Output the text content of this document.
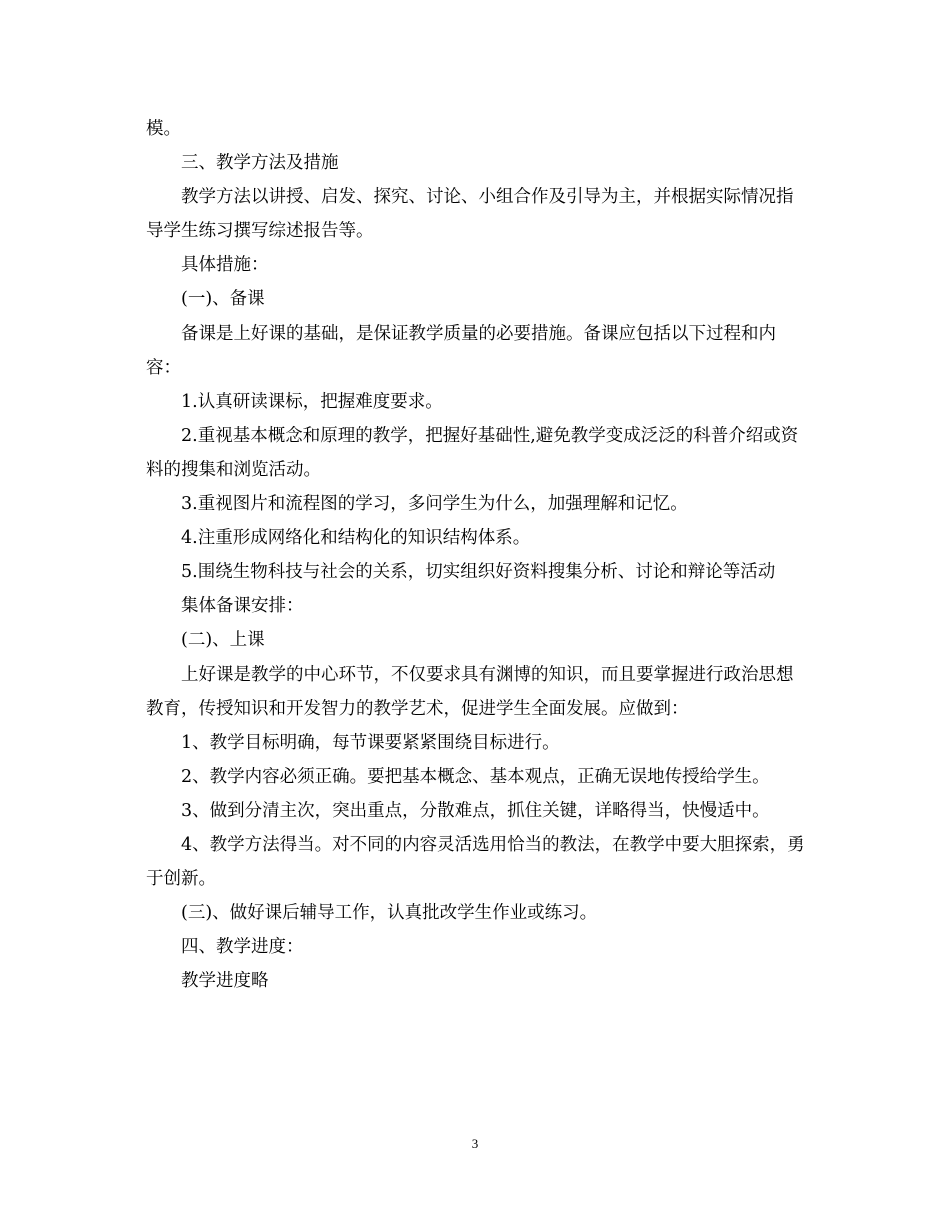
模。

三、教学方法及措施

教学方法以讲授、启发、探究、讨论、小组合作及引导为主，并根据实际情况指导学生练习撰写综述报告等。

具体措施：

(一)、备课

备课是上好课的基础，是保证教学质量的必要措施。备课应包括以下过程和内容：

1.认真研读课标，把握难度要求。

2.重视基本概念和原理的教学，把握好基础性,避免教学变成泛泛的科普介绍或资料的搜集和浏览活动。

3.重视图片和流程图的学习，多问学生为什么，加强理解和记忆。

4.注重形成网络化和结构化的知识结构体系。

5.围绕生物科技与社会的关系，切实组织好资料搜集分析、讨论和辩论等活动

集体备课安排：

(二)、上课

上好课是教学的中心环节，不仅要求具有渊博的知识，而且要掌握进行政治思想教育，传授知识和开发智力的教学艺术，促进学生全面发展。应做到：

1、教学目标明确，每节课要紧紧围绕目标进行。

2、教学内容必须正确。要把基本概念、基本观点，正确无误地传授给学生。

3、做到分清主次，突出重点，分散难点，抓住关键，详略得当，快慢适中。

4、教学方法得当。对不同的内容灵活选用恰当的教法，在教学中要大胆探索，勇于创新。

(三)、做好课后辅导工作，认真批改学生作业或练习。

四、教学进度：

教学进度略

3
